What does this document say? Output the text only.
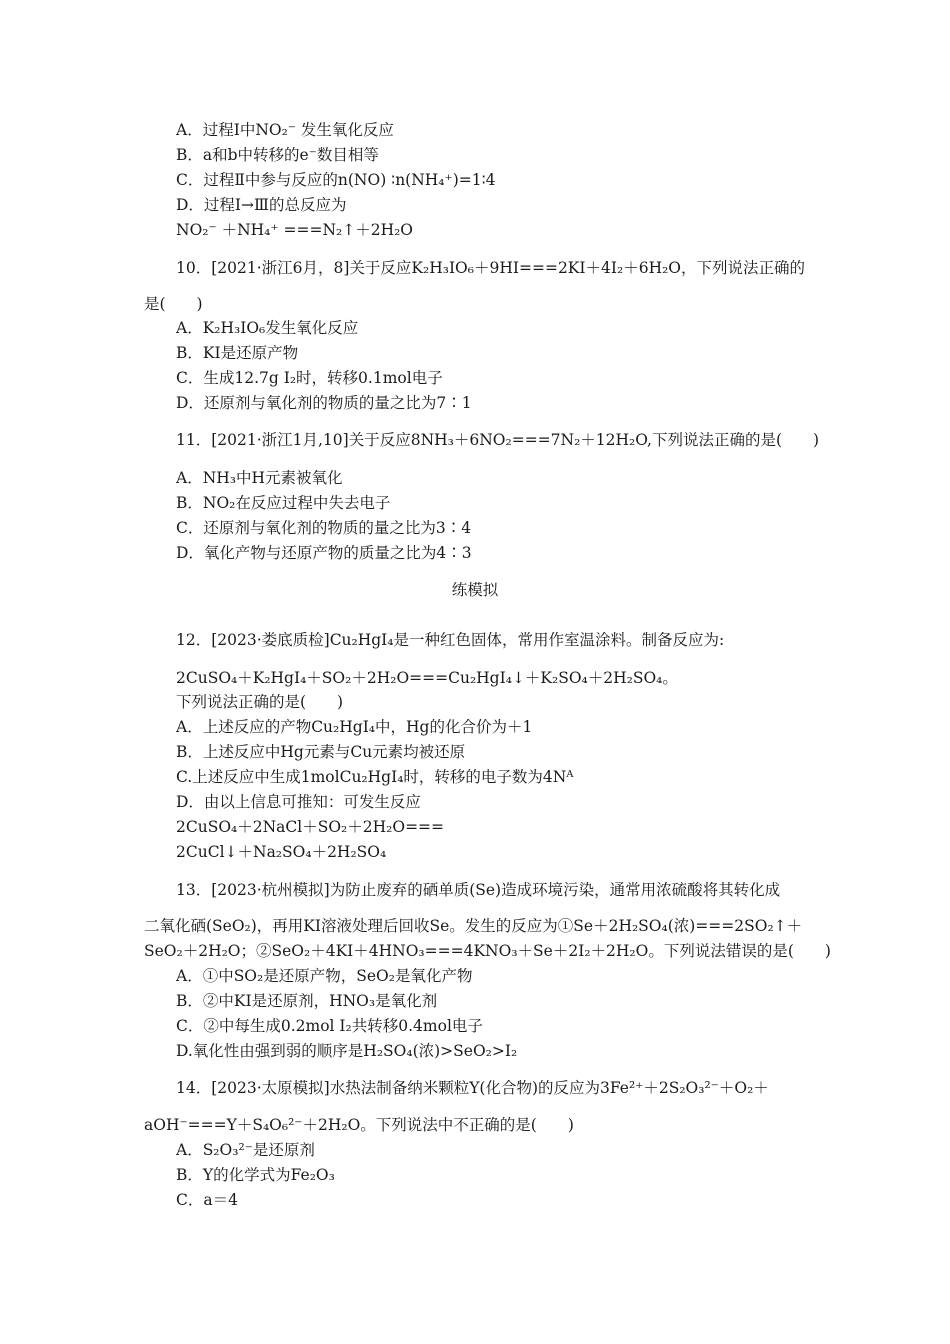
A．过程Ⅰ中NO₂⁻ 发生氧化反应
B．a和b中转移的e⁻数目相等
C．过程Ⅱ中参与反应的n(NO) ∶n(NH₄⁺)=1∶4
D．过程Ⅰ→Ⅲ的总反应为
NO₂⁻ ＋NH₄⁺ ===N₂↑＋2H₂O
10．[2021·浙江6月，8]关于反应K₂H₃IO₆＋9HI===2KI＋4I₂＋6H₂O，下列说法正确的
是(　　)
A．K₂H₃IO₆发生氧化反应
B．KI是还原产物
C．生成12.7g I₂时，转移0.1mol电子
D．还原剂与氧化剂的物质的量之比为7∶1
11．[2021·浙江1月,10]关于反应8NH₃＋6NO₂===7N₂＋12H₂O,下列说法正确的是(　　)
A．NH₃中H元素被氧化
B．NO₂在反应过程中失去电子
C．还原剂与氧化剂的物质的量之比为3∶4
D．氧化产物与还原产物的质量之比为4∶3
练模拟
12．[2023·娄底质检]Cu₂HgI₄是一种红色固体，常用作室温涂料。制备反应为:
2CuSO₄＋K₂HgI₄＋SO₂＋2H₂O===Cu₂HgI₄↓＋K₂SO₄＋2H₂SO₄。
下列说法正确的是(　　)
A．上述反应的产物Cu₂HgI₄中，Hg的化合价为＋1
B．上述反应中Hg元素与Cu元素均被还原
C.上述反应中生成1molCu₂HgI₄时，转移的电子数为4Nᴬ
D．由以上信息可推知：可发生反应
2CuSO₄＋2NaCl＋SO₂＋2H₂O===
2CuCl↓＋Na₂SO₄＋2H₂SO₄
13．[2023·杭州模拟]为防止废弃的硒单质(Se)造成环境污染，通常用浓硫酸将其转化成
二氧化硒(SeO₂)，再用KI溶液处理后回收Se。发生的反应为①Se＋2H₂SO₄(浓)===2SO₂↑＋
SeO₂＋2H₂O；②SeO₂＋4KI＋4HNO₃===4KNO₃＋Se＋2I₂＋2H₂O。下列说法错误的是(　　)
A．①中SO₂是还原产物，SeO₂是氧化产物
B．②中KI是还原剂，HNO₃是氧化剂
C．②中每生成0.2mol I₂共转移0.4mol电子
D.氧化性由强到弱的顺序是H₂SO₄(浓)>SeO₂>I₂
14．[2023·太原模拟]水热法制备纳米颗粒Y(化合物)的反应为3Fe²⁺＋2S₂O₃²⁻＋O₂＋
aOH⁻===Y＋S₄O₆²⁻＋2H₂O。下列说法中不正确的是(　　)
A．S₂O₃²⁻是还原剂
B．Y的化学式为Fe₂O₃
C．a＝4
